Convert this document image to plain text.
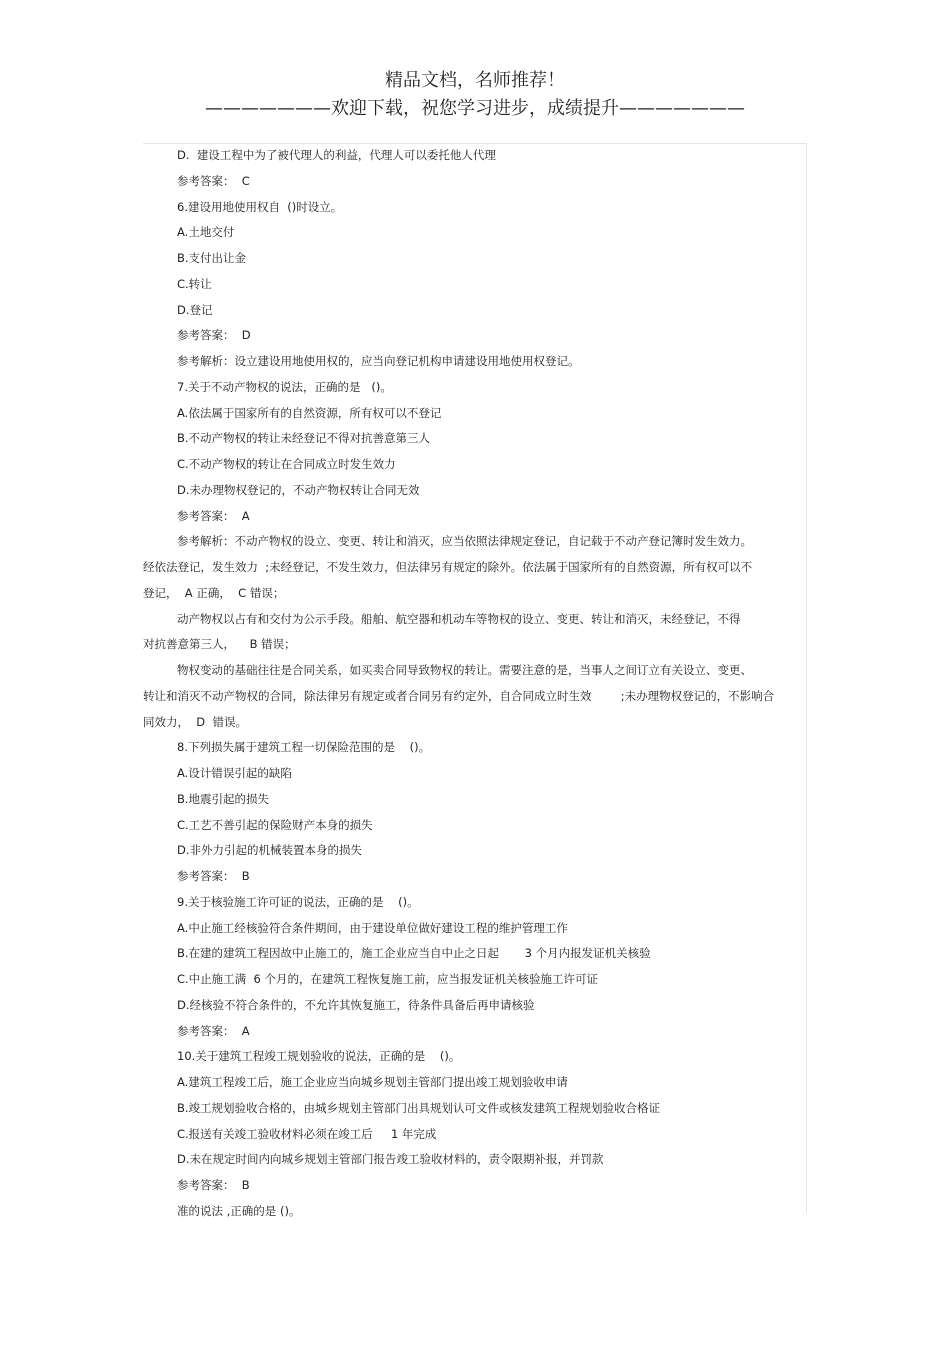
精品文档，名师推荐！
———————欢迎下载，祝您学习进步，成绩提升———————
D.  建设工程中为了被代理人的利益，代理人可以委托他人代理
参考答案：  C
6.建设用地使用权自  ()时设立。
A.土地交付
B.支付出让金
C.转让
D.登记
参考答案：  D
参考解析：设立建设用地使用权的，应当向登记机构申请建设用地使用权登记。
7.关于不动产物权的说法，正确的是   ()。
A.依法属于国家所有的自然资源，所有权可以不登记
B.不动产物权的转让未经登记不得对抗善意第三人
C.不动产物权的转让在合同成立时发生效力
D.未办理物权登记的，不动产物权转让合同无效
参考答案：  A
参考解析：不动产物权的设立、变更、转让和消灭，应当依照法律规定登记，自记载于不动产登记簿时发生效力。
经依法登记，发生效力  ;未经登记，不发生效力，但法律另有规定的除外。依法属于国家所有的自然资源，所有权可以不
登记，  A 正确，  C 错误；
动产物权以占有和交付为公示手段。船舶、航空器和机动车等物权的设立、变更、转让和消灭，未经登记，不得
对抗善意第三人，    B 错误；
物权变动的基础往往是合同关系，如买卖合同导致物权的转让。需要注意的是，当事人之间订立有关设立、变更、
转让和消灭不动产物权的合同，除法律另有规定或者合同另有约定外，自合同成立时生效        ;未办理物权登记的，不影响合
同效力，  D  错误。
8.下列损失属于建筑工程一切保险范围的是    ()。
A.设计错误引起的缺陷
B.地震引起的损失
C.工艺不善引起的保险财产本身的损失
D.非外力引起的机械装置本身的损失
参考答案：  B
9.关于核验施工许可证的说法，正确的是    ()。
A.中止施工经核验符合条件期间，由于建设单位做好建设工程的维护管理工作
B.在建的建筑工程因故中止施工的，施工企业应当自中止之日起       3 个月内报发证机关核验
C.中止施工满  6 个月的，在建筑工程恢复施工前，应当报发证机关核验施工许可证
D.经核验不符合条件的，不允许其恢复施工，待条件具备后再申请核验
参考答案：  A
10.关于建筑工程竣工规划验收的说法，正确的是    ()。
A.建筑工程竣工后，施工企业应当向城乡规划主管部门提出竣工规划验收申请
B.竣工规划验收合格的，由城乡规划主管部门出具规划认可文件或核发建筑工程规划验收合格证
C.报送有关竣工验收材料必须在竣工后     1 年完成
D.未在规定时间内向城乡规划主管部门报告竣工验收材料的，责令限期补报，并罚款
参考答案：  B
准的说法 ,正确的是 ()。
